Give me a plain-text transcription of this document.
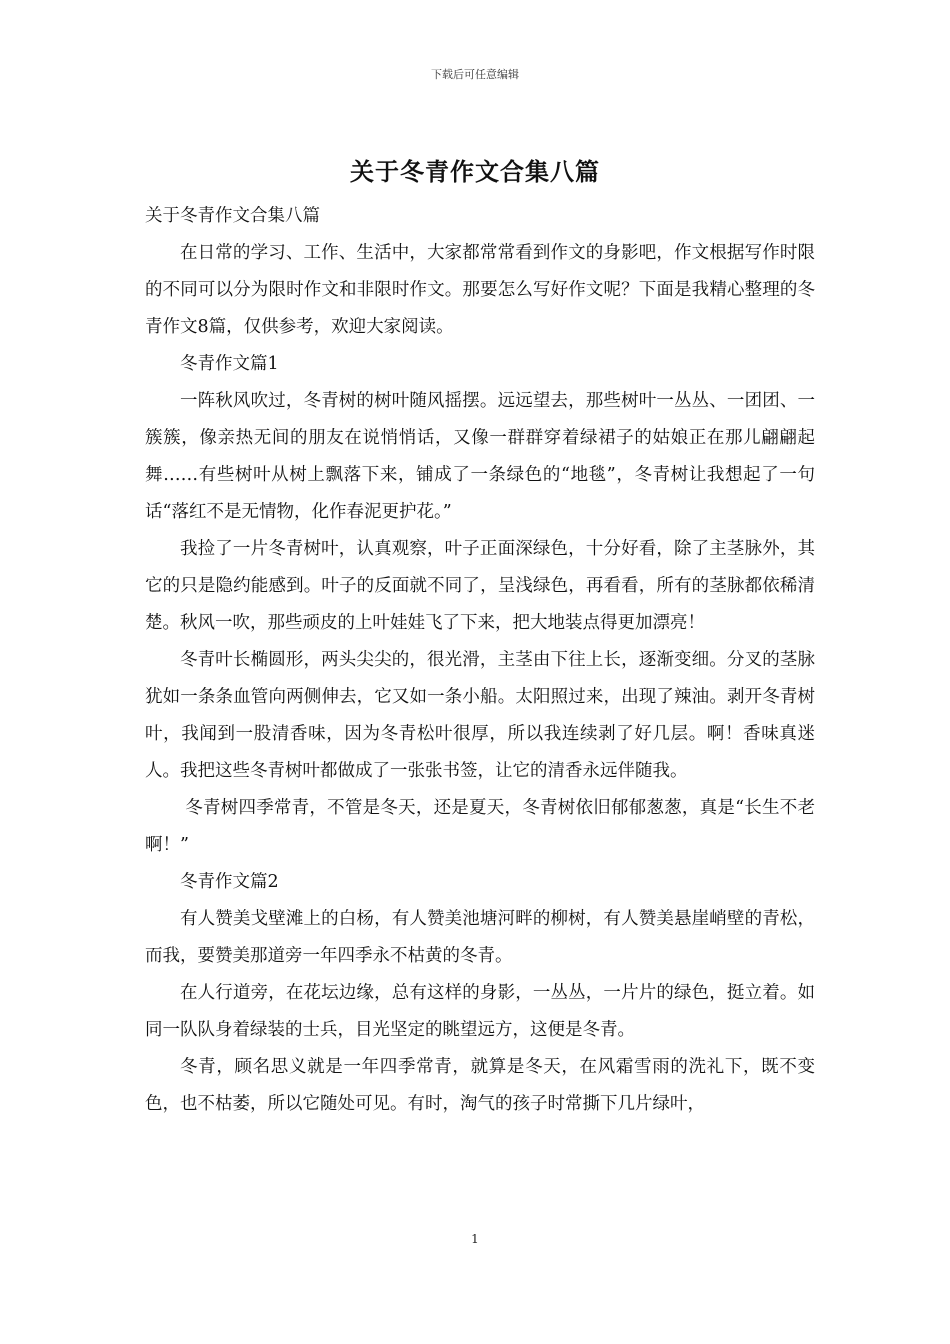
下载后可任意编辑
关于冬青作文合集八篇

关于冬青作文合集八篇

在日常的学习、工作、生活中，大家都常常看到作文的身影吧，作文根据写作时限的不同可以分为限时作文和非限时作文。那要怎么写好作文呢？下面是我精心整理的冬青作文8篇，仅供参考，欢迎大家阅读。

冬青作文篇1

一阵秋风吹过，冬青树的树叶随风摇摆。远远望去，那些树叶一丛丛、一团团、一簇簇，像亲热无间的朋友在说悄悄话，又像一群群穿着绿裙子的姑娘正在那儿翩翩起舞……有些树叶从树上飘落下来，铺成了一条绿色的“地毯”，冬青树让我想起了一句话“落红不是无情物，化作春泥更护花。”

我捡了一片冬青树叶，认真观察，叶子正面深绿色，十分好看，除了主茎脉外，其它的只是隐约能感到。叶子的反面就不同了，呈浅绿色，再看看，所有的茎脉都依稀清楚。秋风一吹，那些顽皮的上叶娃娃飞了下来，把大地装点得更加漂亮！

冬青叶长椭圆形，两头尖尖的，很光滑，主茎由下往上长，逐渐变细。分叉的茎脉犹如一条条血管向两侧伸去，它又如一条小船。太阳照过来，出现了辣油。剥开冬青树叶，我闻到一股清香味，因为冬青松叶很厚，所以我连续剥了好几层。啊！香味真迷人。我把这些冬青树叶都做成了一张张书签，让它的清香永远伴随我。

冬青树四季常青，不管是冬天，还是夏天，冬青树依旧郁郁葱葱，真是“长生不老啊！”

冬青作文篇2

有人赞美戈壁滩上的白杨，有人赞美池塘河畔的柳树，有人赞美悬崖峭壁的青松，而我，要赞美那道旁一年四季永不枯黄的冬青。

在人行道旁，在花坛边缘，总有这样的身影，一丛丛，一片片的绿色，挺立着。如同一队队身着绿装的士兵，目光坚定的眺望远方，这便是冬青。

冬青，顾名思义就是一年四季常青，就算是冬天，在风霜雪雨的洗礼下，既不变色，也不枯萎，所以它随处可见。有时，淘气的孩子时常撕下几片绿叶，

1
